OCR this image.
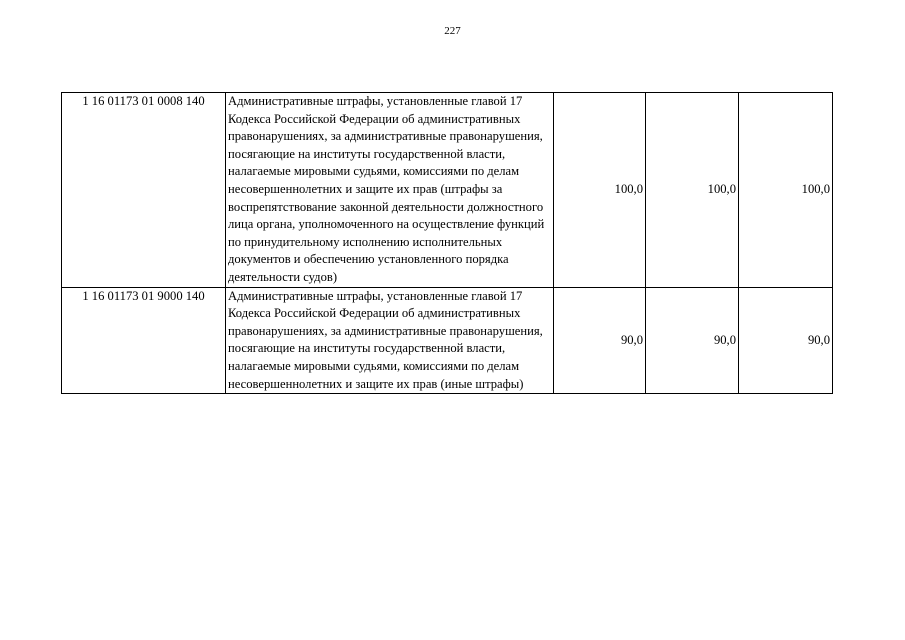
227
1 16 01173 01 0008 140	Административные штрафы, установленные главой 17 Кодекса Российской Федерации об административных правонарушениях, за административные правонарушения, посягающие на институты государственной власти, налагаемые мировыми судьями, комиссиями по делам несовершеннолетних и защите их прав (штрафы за воспрепятствование законной деятельности должностного лица органа, уполномоченного на осуществление функций по принудительному исполнению исполнительных документов и обеспечению установленного порядка деятельности судов)	100,0	100,0	100,0
1 16 01173 01 9000 140	Административные штрафы, установленные главой 17 Кодекса Российской Федерации об административных правонарушениях, за административные правонарушения, посягающие на институты государственной власти, налагаемые мировыми судьями, комиссиями по делам несовершеннолетних и защите их прав (иные штрафы)	90,0	90,0	90,0
